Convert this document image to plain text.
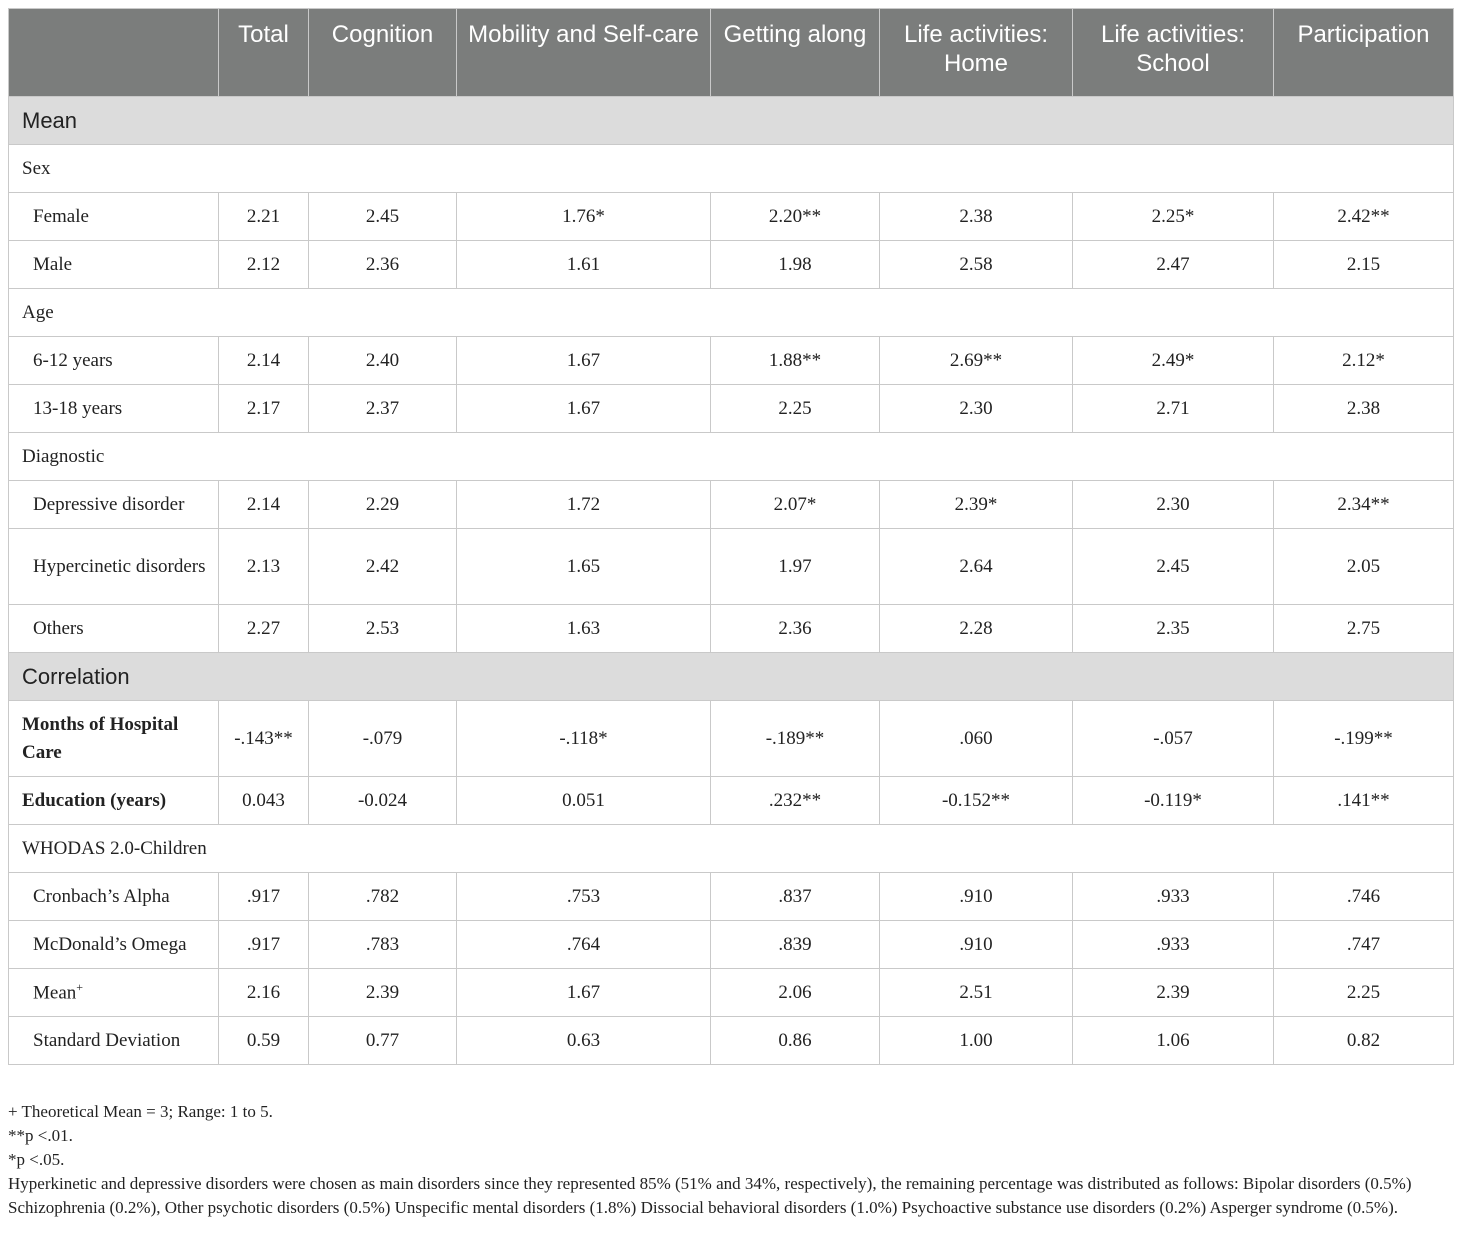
	Total	Cognition	Mobility and Self-care	Getting along	Life activities: Home	Life activities: School	Participation
Mean							
Sex							
Female	2.21	2.45	1.76*	2.20**	2.38	2.25*	2.42**
Male	2.12	2.36	1.61	1.98	2.58	2.47	2.15
Age							
6-12 years	2.14	2.40	1.67	1.88**	2.69**	2.49*	2.12*
13-18 years	2.17	2.37	1.67	2.25	2.30	2.71	2.38
Diagnostic							
Depressive disorder	2.14	2.29	1.72	2.07*	2.39*	2.30	2.34**
Hypercinetic disorders	2.13	2.42	1.65	1.97	2.64	2.45	2.05
Others	2.27	2.53	1.63	2.36	2.28	2.35	2.75
Correlation							
Months of Hospital Care	-.143**	-.079	-.118*	-.189**	.060	-.057	-.199**
Education (years)	0.043	-0.024	0.051	.232**	-0.152**	-0.119*	.141**
WHODAS 2.0-Children							
Cronbach’s Alpha	.917	.782	.753	.837	.910	.933	.746
McDonald’s Omega	.917	.783	.764	.839	.910	.933	.747
Mean+	2.16	2.39	1.67	2.06	2.51	2.39	2.25
Standard Deviation	0.59	0.77	0.63	0.86	1.00	1.06	0.82

+ Theoretical Mean = 3; Range: 1 to 5.

**p <.01.

*p <.05.

Hyperkinetic and depressive disorders were chosen as main disorders since they represented 85% (51% and 34%, respectively), the remaining percentage was distributed as follows: Bipolar disorders (0.5%) Schizophrenia (0.2%), Other psychotic disorders (0.5%) Unspecific mental disorders (1.8%) Dissocial behavioral disorders (1.0%) Psychoactive substance use disorders (0.2%) Asperger syndrome (0.5%).
